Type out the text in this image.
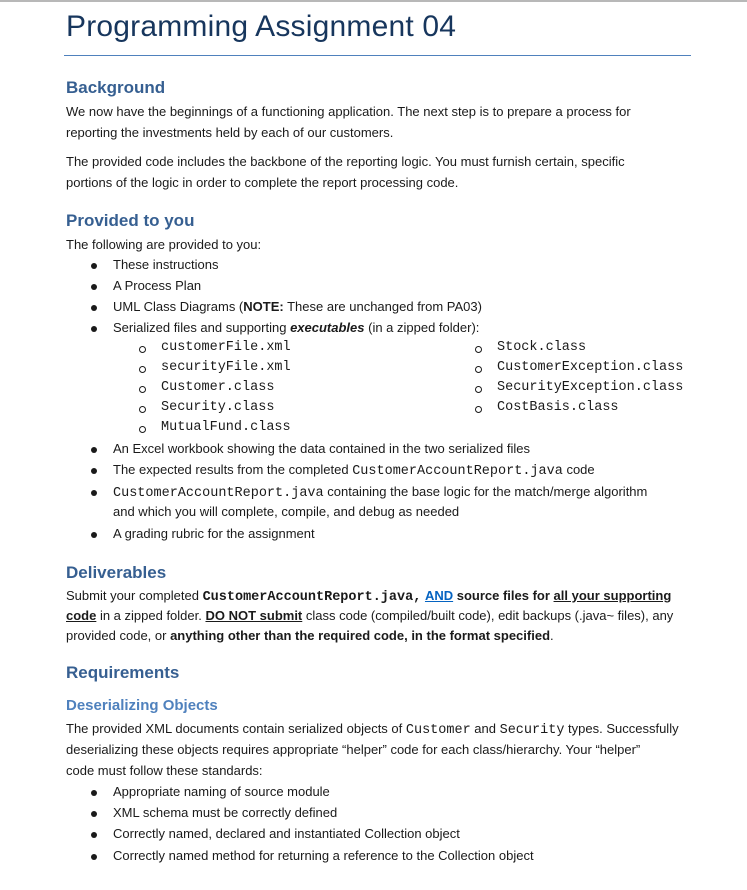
Programming Assignment 04
Background
We now have the beginnings of a functioning application. The next step is to prepare a process for
reporting the investments held by each of our customers.
The provided code includes the backbone of the reporting logic. You must furnish certain, specific
portions of the logic in order to complete the report processing code.
Provided to you
The following are provided to you:
These instructions
A Process Plan
UML Class Diagrams (NOTE: These are unchanged from PA03)
Serialized files and supporting executables (in a zipped folder):
customerFile.xml
securityFile.xml
Customer.class
Security.class
MutualFund.class
Stock.class
CustomerException.class
SecurityException.class
CostBasis.class
An Excel workbook showing the data contained in the two serialized files
The expected results from the completed CustomerAccountReport.java code
CustomerAccountReport.java containing the base logic for the match/merge algorithm
and which you will complete, compile, and debug as needed
A grading rubric for the assignment
Deliverables
Submit your completed CustomerAccountReport.java, AND source files for all your supporting
code in a zipped folder. DO NOT submit class code (compiled/built code), edit backups (.java~ files), any
provided code, or anything other than the required code, in the format specified.
Requirements
Deserializing Objects
The provided XML documents contain serialized objects of Customer and Security types. Successfully
deserializing these objects requires appropriate “helper” code for each class/hierarchy. Your “helper”
code must follow these standards:
Appropriate naming of source module
XML schema must be correctly defined
Correctly named, declared and instantiated Collection object
Correctly named method for returning a reference to the Collection object
